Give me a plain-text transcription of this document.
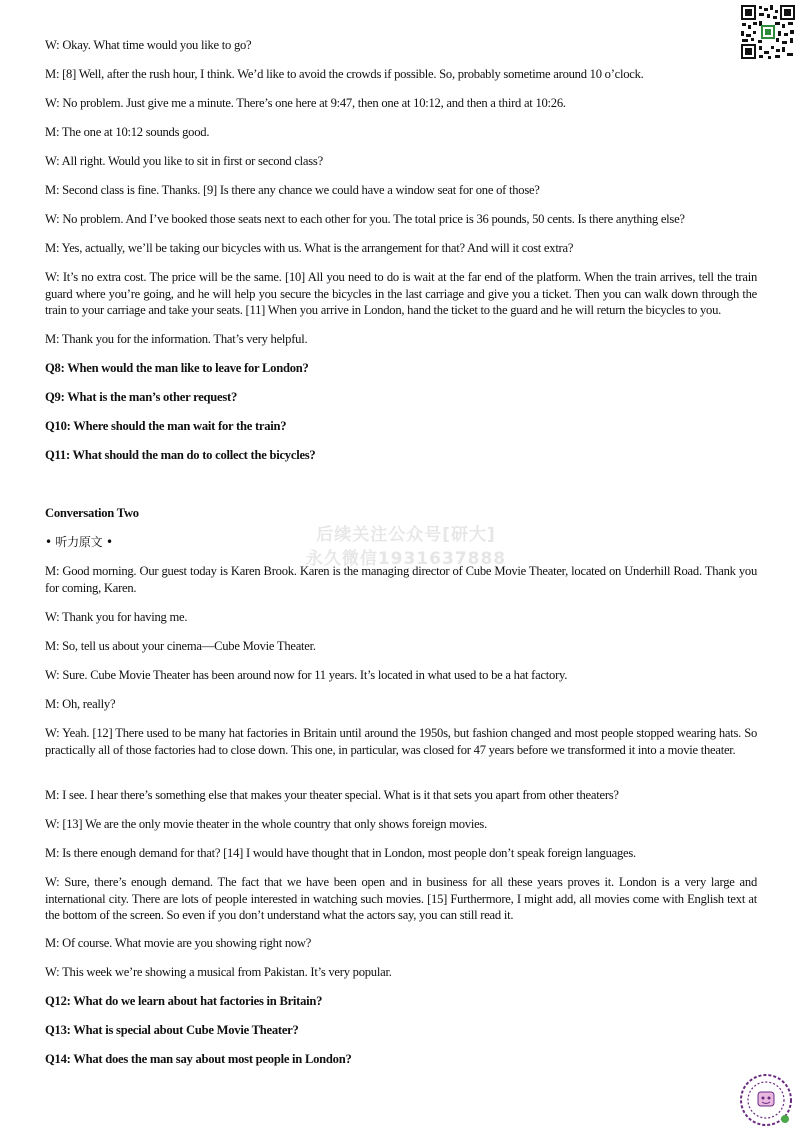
W: Okay. What time would you like to go?
M: [8] Well, after the rush hour, I think. We’d like to avoid the crowds if possible. So, probably sometime around 10 o’clock.
W: No problem. Just give me a minute. There’s one here at 9:47, then one at 10:12, and then a third at 10:26.
M: The one at 10:12 sounds good.
W: All right. Would you like to sit in first or second class?
M: Second class is fine. Thanks. [9] Is there any chance we could have a window seat for one of those?
W: No problem. And I’ve booked those seats next to each other for you. The total price is 36 pounds, 50 cents. Is there anything else?
M: Yes, actually, we’ll be taking our bicycles with us. What is the arrangement for that? And will it cost extra?
W: It’s no extra cost. The price will be the same. [10] All you need to do is wait at the far end of the platform. When the train arrives, tell the train guard where you’re going, and he will help you secure the bicycles in the last carriage and give you a ticket. Then you can walk down through the train to your carriage and take your seats. [11] When you arrive in London, hand the ticket to the guard and he will return the bicycles to you.
M: Thank you for the information. That’s very helpful.
Q8: When would the man like to leave for London?
Q9: What is the man’s other request?
Q10: Where should the man wait for the train?
Q11: What should the man do to collect the bicycles?
Conversation Two
• 听力原文 •	后续关注公众号[研大]
永久微信1931637888
M: Good morning. Our guest today is Karen Brook. Karen is the managing director of Cube Movie Theater, located on Underhill Road. Thank you for coming, Karen.
W: Thank you for having me.
M: So, tell us about your cinema—Cube Movie Theater.
W: Sure. Cube Movie Theater has been around now for 11 years. It’s located in what used to be a hat factory.
M: Oh, really?
W: Yeah. [12] There used to be many hat factories in Britain until around the 1950s, but fashion changed and most people stopped wearing hats. So practically all of those factories had to close down. This one, in particular, was closed for 47 years before we transformed it into a movie theater.
M: I see. I hear there’s something else that makes your theater special. What is it that sets you apart from other theaters?
W: [13] We are the only movie theater in the whole country that only shows foreign movies.
M: Is there enough demand for that? [14] I would have thought that in London, most people don’t speak foreign languages.
W: Sure, there’s enough demand. The fact that we have been open and in business for all these years proves it. London is a very large and international city. There are lots of people interested in watching such movies. [15] Furthermore, I might add, all movies come with English text at the bottom of the screen. So even if you don’t understand what the actors say, you can still read it.
M: Of course. What movie are you showing right now?
W: This week we’re showing a musical from Pakistan. It’s very popular.
Q12: What do we learn about hat factories in Britain?
Q13: What is special about Cube Movie Theater?
Q14: What does the man say about most people in London?
